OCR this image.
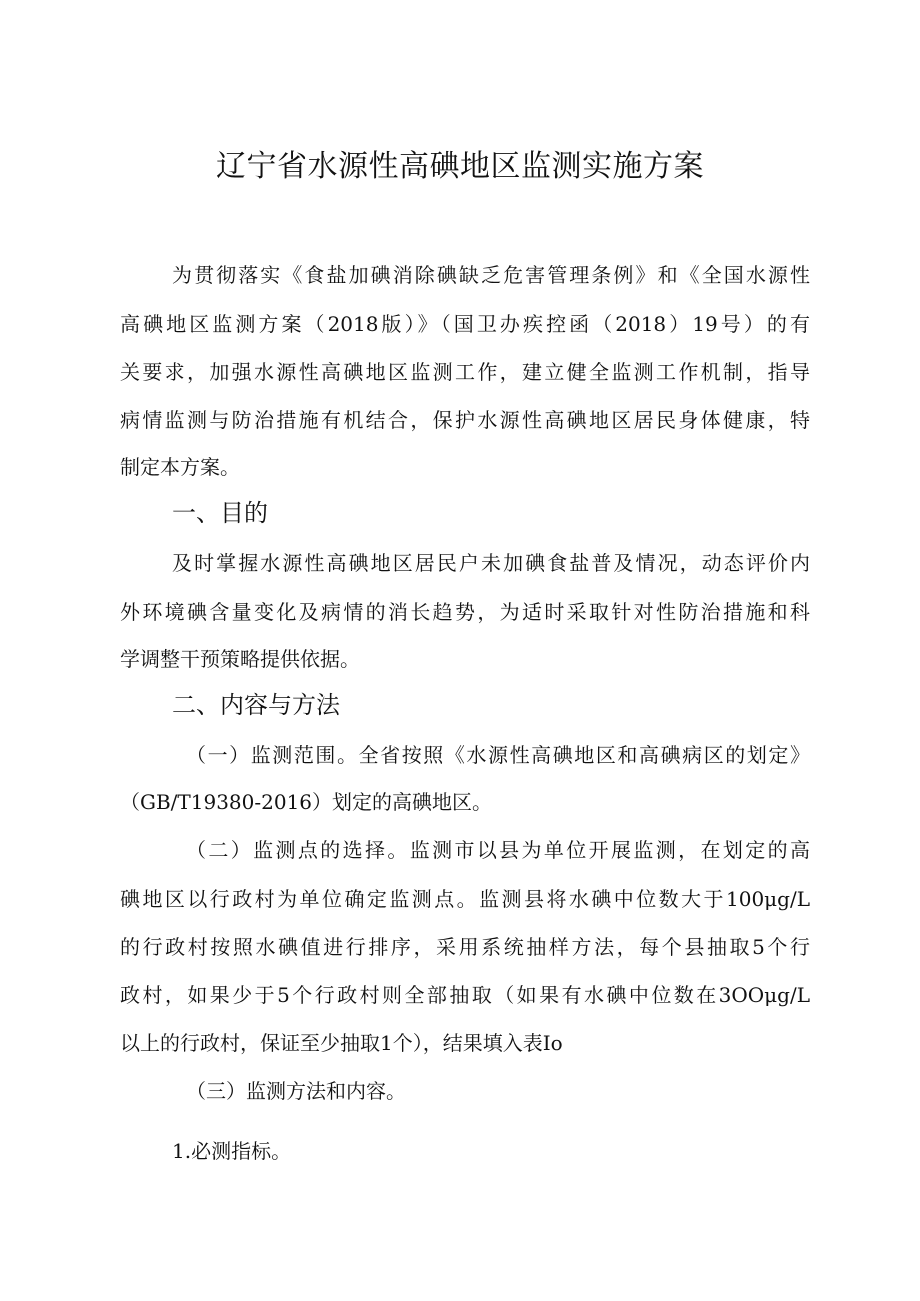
辽宁省水源性高碘地区监测实施方案
为贯彻落实《食盐加碘消除碘缺乏危害管理条例》和《全国水源性
高碘地区监测方案（2018版）》（国卫办疾控函（2018）19号）的有
关要求，加强水源性高碘地区监测工作，建立健全监测工作机制，指导
病情监测与防治措施有机结合，保护水源性高碘地区居民身体健康，特
制定本方案。
一、目的
及时掌握水源性高碘地区居民户未加碘食盐普及情况，动态评价内
外环境碘含量变化及病情的消长趋势，为适时采取针对性防治措施和科
学调整干预策略提供依据。
二、内容与方法
（一）监测范围。全省按照《水源性高碘地区和高碘病区的划定》
（GB/T19380-2016）划定的高碘地区。
（二）监测点的选择。监测市以县为单位开展监测，在划定的高
碘地区以行政村为单位确定监测点。监测县将水碘中位数大于100μg∕L
的行政村按照水碘值进行排序，采用系统抽样方法，每个县抽取5个行
政村，如果少于5个行政村则全部抽取（如果有水碘中位数在3OOμg∕L
以上的行政村，保证至少抽取1个），结果填入表Io
（三）监测方法和内容。
1.必测指标。
